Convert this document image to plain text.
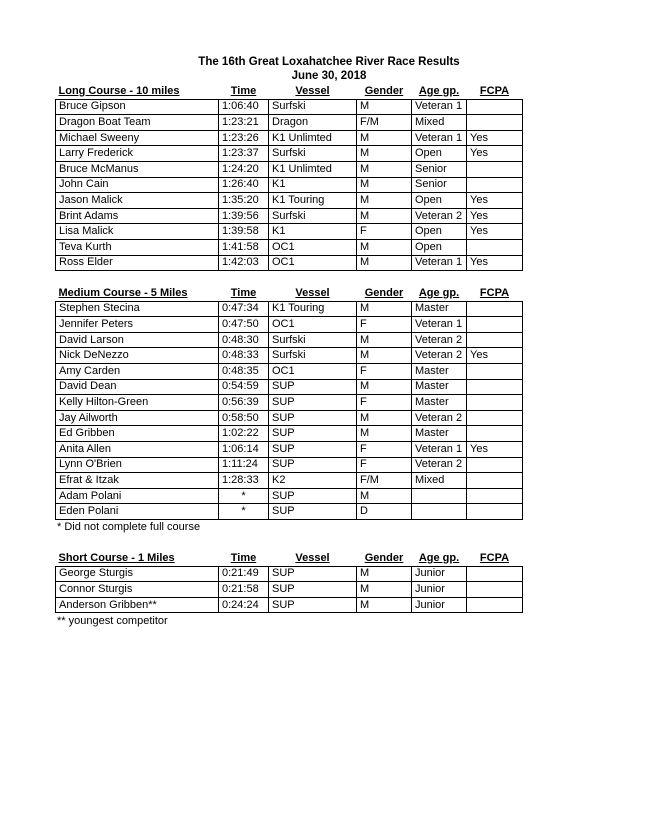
The 16th Great Loxahatchee River Race Results
June 30, 2018
Long Course - 10 miles	Time	Vessel	Gender	Age gp.	FCPA
Bruce Gipson	1:06:40	Surfski	M	Veteran 1	
Dragon Boat Team	1:23:21	Dragon	F/M	Mixed	
Michael Sweeny	1:23:26	K1 Unlimted	M	Veteran 1	Yes
Larry Frederick	1:23:37	Surfski	M	Open	Yes
Bruce McManus	1:24:20	K1 Unlimted	M	Senior	
John Cain	1:26:40	K1	M	Senior	
Jason Malick	1:35:20	K1 Touring	M	Open	Yes
Brint Adams	1:39:56	Surfski	M	Veteran 2	Yes
Lisa Malick	1:39:58	K1	F	Open	Yes
Teva Kurth	1:41:58	OC1	M	Open	
Ross Elder	1:42:03	OC1	M	Veteran 1	Yes
Medium Course - 5 Miles	Time	Vessel	Gender	Age gp.	FCPA
Stephen Stecina	0:47:34	K1 Touring	M	Master	
Jennifer Peters	0:47:50	OC1	F	Veteran 1	
David Larson	0:48:30	Surfski	M	Veteran 2	
Nick DeNezzo	0:48:33	Surfski	M	Veteran 2	Yes
Amy Carden	0:48:35	OC1	F	Master	
David Dean	0:54:59	SUP	M	Master	
Kelly Hilton-Green	0:56:39	SUP	F	Master	
Jay Ailworth	0:58:50	SUP	M	Veteran 2	
Ed Gribben	1:02:22	SUP	M	Master	
Anita Allen	1:06:14	SUP	F	Veteran 1	Yes
Lynn O'Brien	1:11:24	SUP	F	Veteran 2	
Efrat & Itzak	1:28:33	K2	F/M	Mixed	
Adam Polani	*	SUP	M		
Eden Polani	*	SUP	D		
* Did not complete full course
Short Course - 1 Miles	Time	Vessel	Gender	Age gp.	FCPA
George Sturgis	0:21:49	SUP	M	Junior	
Connor Sturgis	0:21:58	SUP	M	Junior	
Anderson Gribben**	0:24:24	SUP	M	Junior	
** youngest competitor
